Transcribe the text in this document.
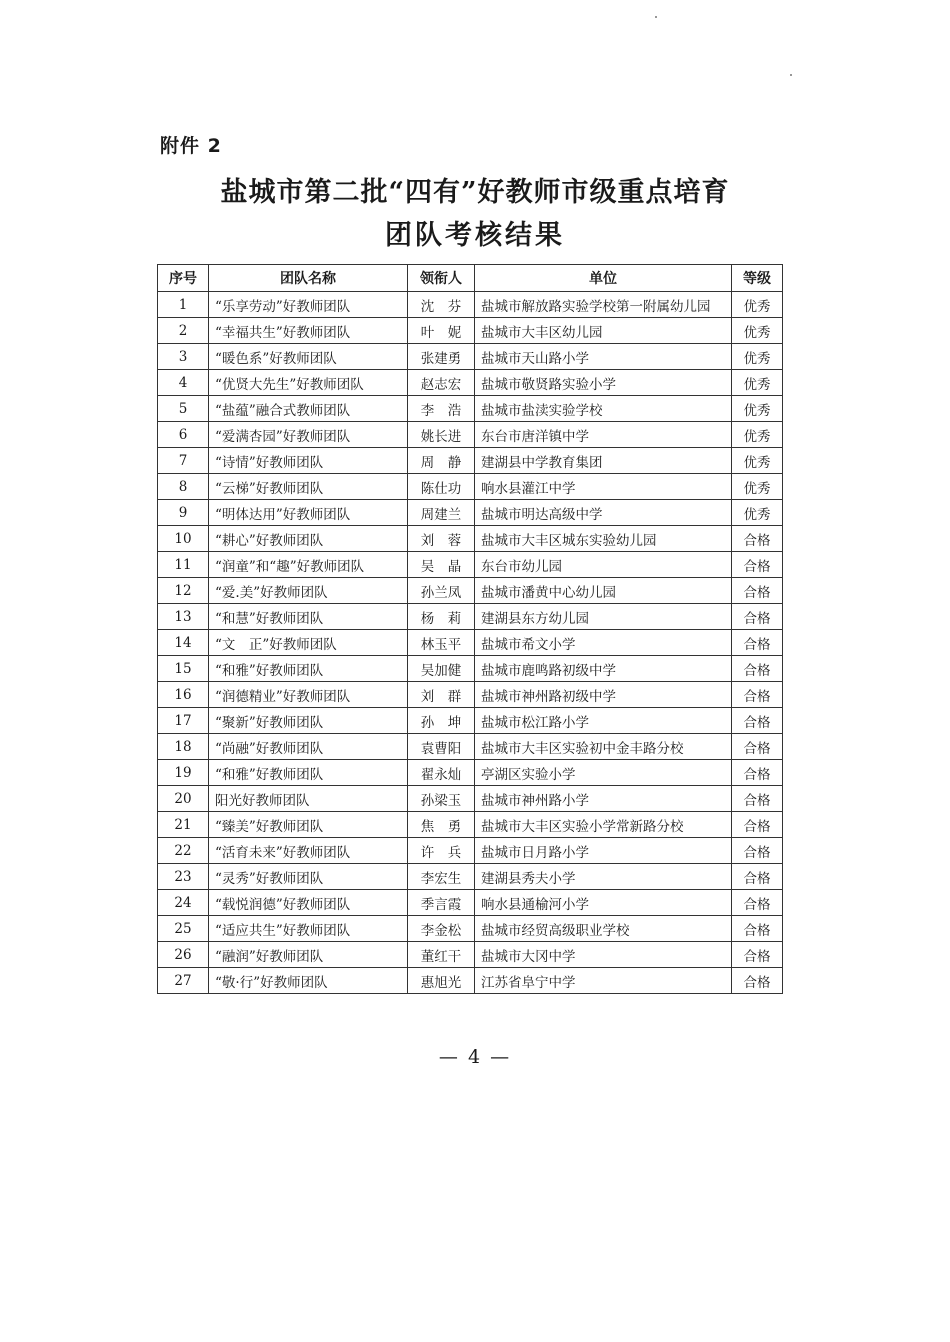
附件 2
盐城市第二批“四有”好教师市级重点培育
团队考核结果
序号	团队名称	领衔人	单位	等级
1	“乐享劳动”好教师团队	沈　芬	盐城市解放路实验学校第一附属幼儿园	优秀
2	“幸福共生”好教师团队	叶　妮	盐城市大丰区幼儿园	优秀
3	“暖色系”好教师团队	张建勇	盐城市天山路小学	优秀
4	“优贤大先生”好教师团队	赵志宏	盐城市敬贤路实验小学	优秀
5	“盐蕴”融合式教师团队	李　浩	盐城市盐渎实验学校	优秀
6	“爱满杏园”好教师团队	姚长进	东台市唐洋镇中学	优秀
7	“诗情”好教师团队	周　静	建湖县中学教育集团	优秀
8	“云梯”好教师团队	陈仕功	响水县灌江中学	优秀
9	“明体达用”好教师团队	周建兰	盐城市明达高级中学	优秀
10	“耕心”好教师团队	刘　蓉	盐城市大丰区城东实验幼儿园	合格
11	“润童”和“趣”好教师团队	吴　晶	东台市幼儿园	合格
12	“爱.美”好教师团队	孙兰凤	盐城市潘黄中心幼儿园	合格
13	“和慧”好教师团队	杨　莉	建湖县东方幼儿园	合格
14	“文　正”好教师团队	林玉平	盐城市希文小学	合格
15	“和雅”好教师团队	吴加健	盐城市鹿鸣路初级中学	合格
16	“润德精业”好教师团队	刘　群	盐城市神州路初级中学	合格
17	“聚新”好教师团队	孙　坤	盐城市松江路小学	合格
18	“尚融”好教师团队	袁曹阳	盐城市大丰区实验初中金丰路分校	合格
19	“和雅”好教师团队	翟永灿	亭湖区实验小学	合格
20	阳光好教师团队	孙梁玉	盐城市神州路小学	合格
21	“臻美”好教师团队	焦　勇	盐城市大丰区实验小学常新路分校	合格
22	“活育未来”好教师团队	许　兵	盐城市日月路小学	合格
23	“灵秀”好教师团队	李宏生	建湖县秀夫小学	合格
24	“载悦润德”好教师团队	季言霞	响水县通榆河小学	合格
25	“适应共生”好教师团队	李金松	盐城市经贸高级职业学校	合格
26	“融润”好教师团队	董红干	盐城市大冈中学	合格
27	“敬·行”好教师团队	惠旭光	江苏省阜宁中学	合格
— 4 —
